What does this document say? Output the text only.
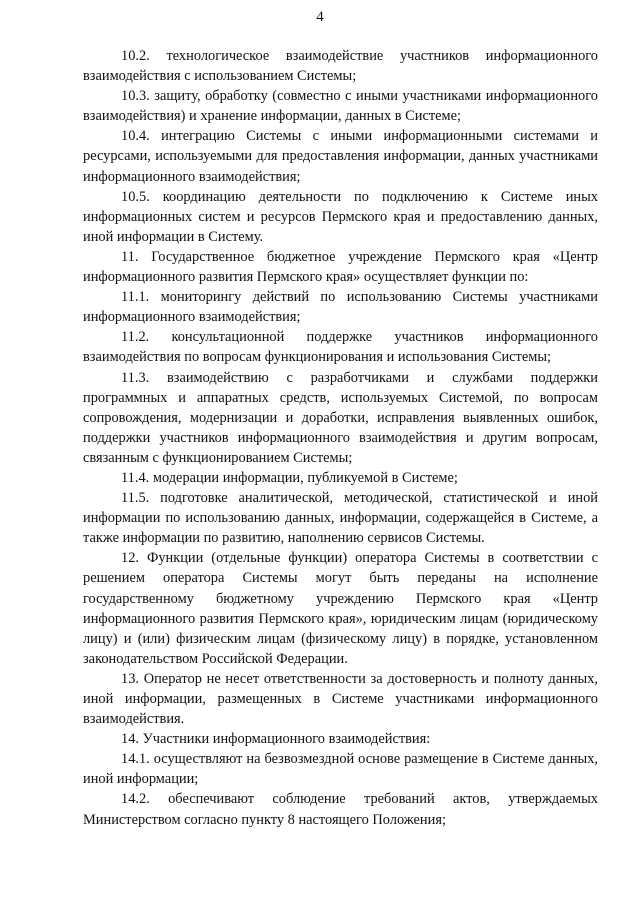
4

10.2. технологическое взаимодействие участников информационного взаимодействия с использованием Системы;

10.3. защиту, обработку (совместно с иными участниками информационного взаимодействия) и хранение информации, данных в Системе;

10.4. интеграцию Системы с иными информационными системами и ресурсами, используемыми для предоставления информации, данных участниками информационного взаимодействия;

10.5. координацию деятельности по подключению к Системе иных информационных систем и ресурсов Пермского края и предоставлению данных, иной информации в Систему.

11. Государственное бюджетное учреждение Пермского края «Центр информационного развития Пермского края» осуществляет функции по:

11.1. мониторингу действий по использованию Системы участниками информационного взаимодействия;

11.2. консультационной поддержке участников информационного взаимодействия по вопросам функционирования и использования Системы;

11.3. взаимодействию с разработчиками и службами поддержки программных и аппаратных средств, используемых Системой, по вопросам сопровождения, модернизации и доработки, исправления выявленных ошибок, поддержки участников информационного взаимодействия и другим вопросам, связанным с функционированием Системы;

11.4. модерации информации, публикуемой в Системе;

11.5. подготовке аналитической, методической, статистической и иной информации по использованию данных, информации, содержащейся в Системе, а также информации по развитию, наполнению сервисов Системы.

12. Функции (отдельные функции) оператора Системы в соответствии с решением оператора Системы могут быть переданы на исполнение государственному бюджетному учреждению Пермского края «Центр информационного развития Пермского края», юридическим лицам (юридическому лицу) и (или) физическим лицам (физическому лицу) в порядке, установленном законодательством Российской Федерации.

13. Оператор не несет ответственности за достоверность и полноту данных, иной информации, размещенных в Системе участниками информационного взаимодействия.

14. Участники информационного взаимодействия:

14.1. осуществляют на безвозмездной основе размещение в Системе данных, иной информации;

14.2. обеспечивают соблюдение требований актов, утверждаемых Министерством согласно пункту 8 настоящего Положения;
